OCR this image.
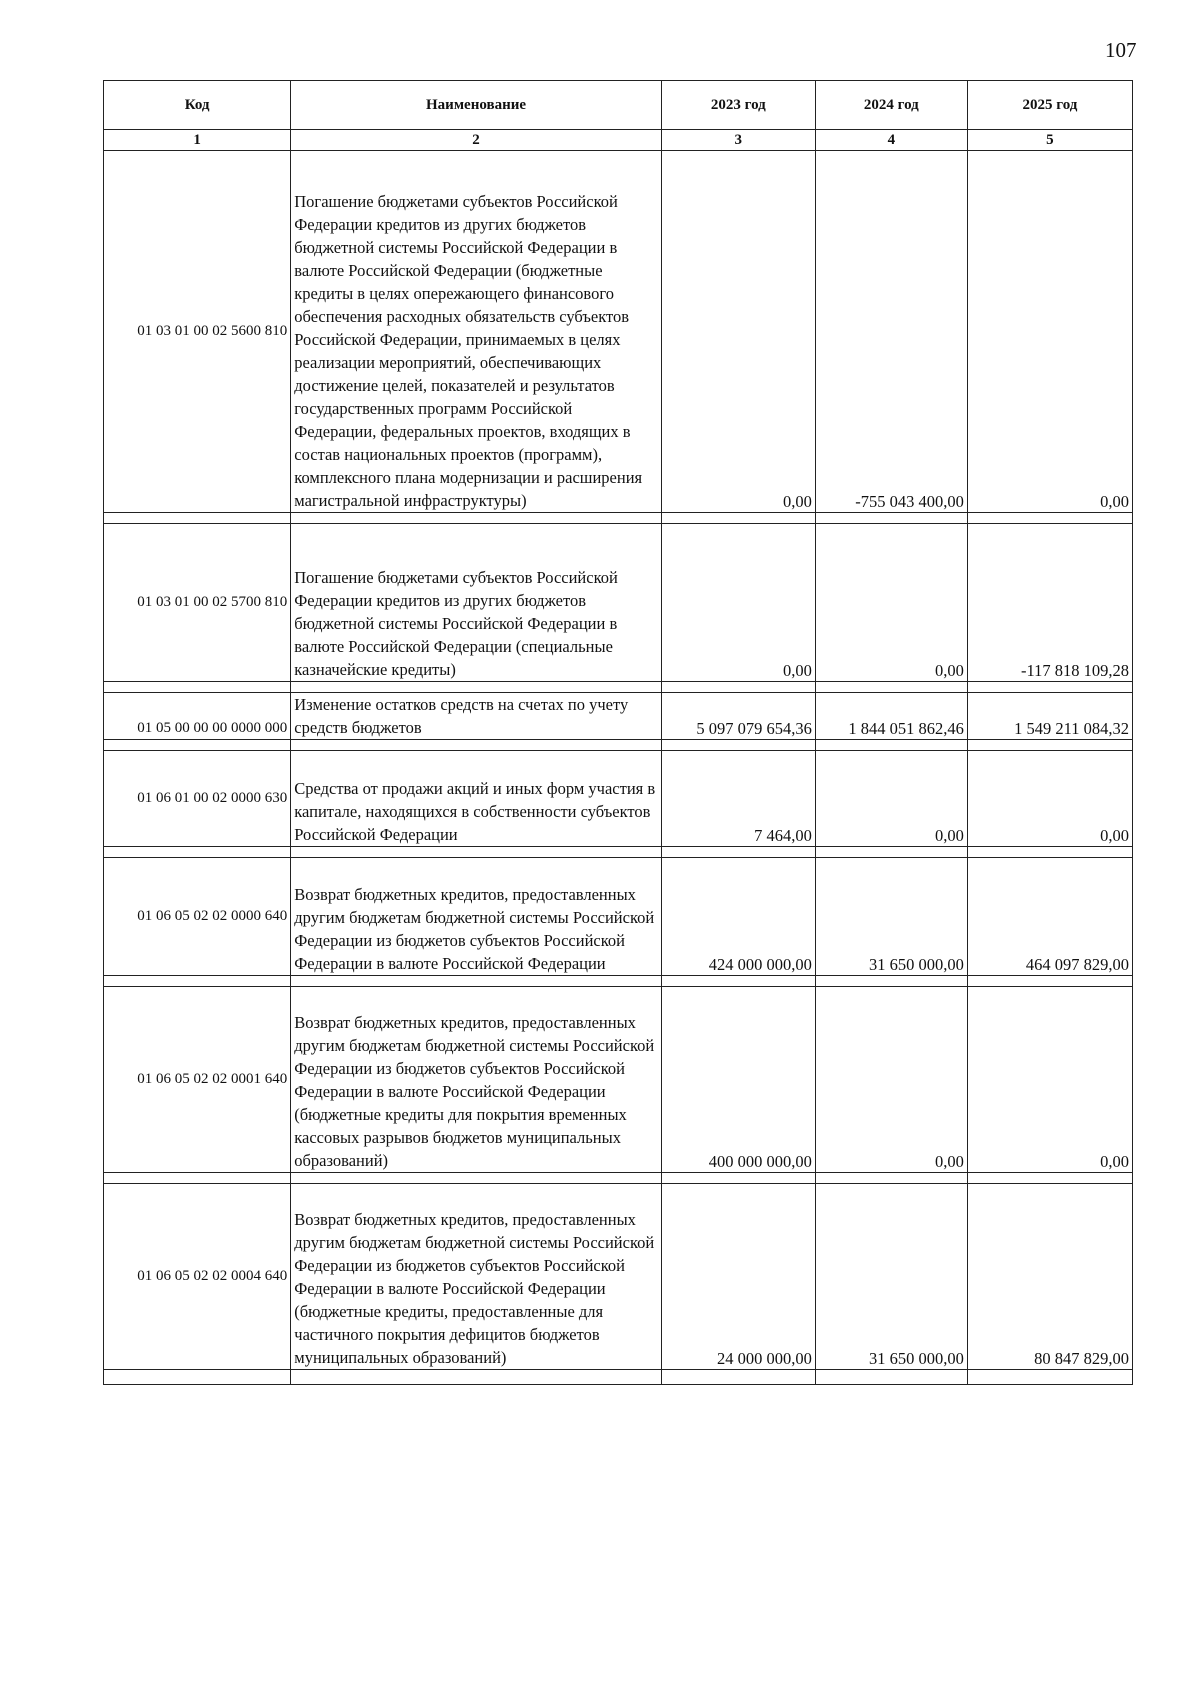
107
Код	Наименование	2023 год	2024 год	2025 год
1	2	3	4	5
01 03 01 00 02 5600 810	Погашение бюджетами субъектов Российской Федерации кредитов из других бюджетов бюджетной системы Российской Федерации в валюте Российской Федерации (бюджетные кредиты в целях опережающего финансового обеспечения расходных обязательств субъектов Российской Федерации, принимаемых в целях реализации мероприятий, обеспечивающих достижение целей, показателей и результатов государственных программ Российской Федерации, федеральных проектов, входящих в состав национальных проектов (программ), комплексного плана модернизации и расширения магистральной инфраструктуры)	0,00	-755 043 400,00	0,00

01 03 01 00 02 5700 810	Погашение бюджетами субъектов Российской Федерации кредитов из других бюджетов бюджетной системы Российской Федерации в валюте Российской Федерации (специальные казначейские кредиты)	0,00	0,00	-117 818 109,28

01 05 00 00 00 0000 000	Изменение остатков средств на счетах по учету средств бюджетов	5 097 079 654,36	1 844 051 862,46	1 549 211 084,32

01 06 01 00 02 0000 630	Средства от продажи акций и иных форм участия в капитале, находящихся в собственности субъектов Российской Федерации	7 464,00	0,00	0,00

01 06 05 02 02 0000 640	Возврат бюджетных кредитов, предоставленных другим бюджетам бюджетной системы Российской Федерации из бюджетов субъектов Российской Федерации в валюте Российской Федерации	424 000 000,00	31 650 000,00	464 097 829,00

01 06 05 02 02 0001 640	Возврат бюджетных кредитов, предоставленных другим бюджетам бюджетной системы Российской Федерации из бюджетов субъектов Российской Федерации в валюте Российской Федерации (бюджетные кредиты для покрытия временных кассовых разрывов бюджетов муниципальных образований)	400 000 000,00	0,00	0,00

01 06 05 02 02 0004 640	Возврат бюджетных кредитов, предоставленных другим бюджетам бюджетной системы Российской Федерации из бюджетов субъектов Российской Федерации в валюте Российской Федерации (бюджетные кредиты, предоставленные для частичного покрытия дефицитов бюджетов муниципальных образований)	24 000 000,00	31 650 000,00	80 847 829,00
